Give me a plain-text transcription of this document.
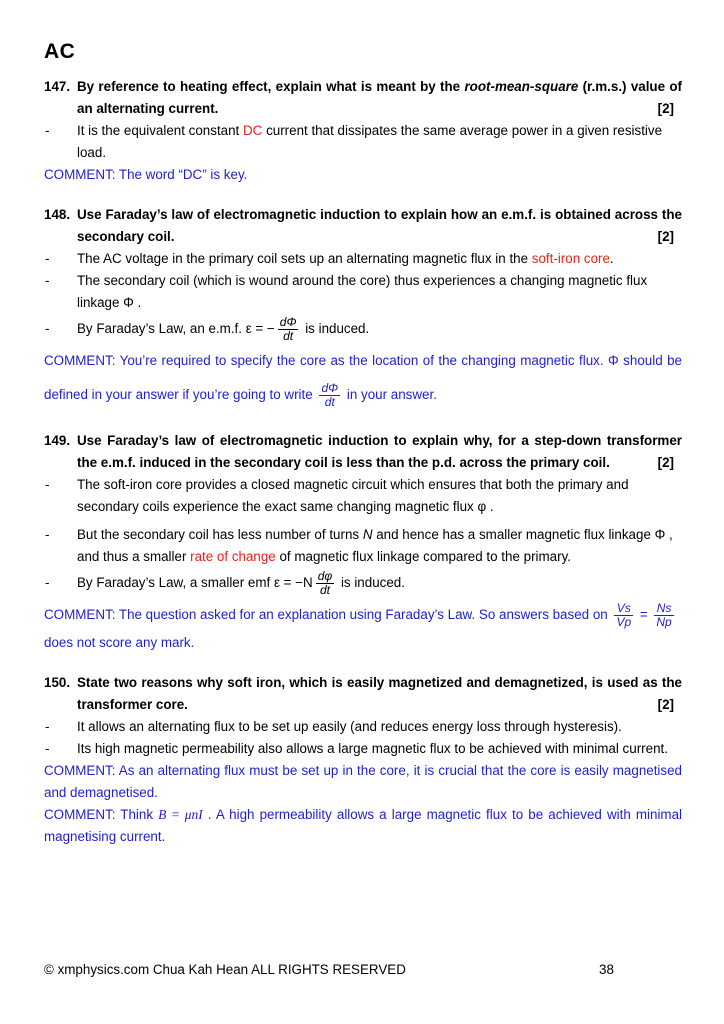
AC
147. By reference to heating effect, explain what is meant by the root-mean-square (r.m.s.) value of an alternating current.	[2]
- It is the equivalent constant DC current that dissipates the same average power in a given resistive load.
COMMENT: The word “DC” is key.
148. Use Faraday’s law of electromagnetic induction to explain how an e.m.f. is obtained across the secondary coil.	[2]
- The AC voltage in the primary coil sets up an alternating magnetic flux in the soft-iron core.
- The secondary coil (which is wound around the core) thus experiences a changing magnetic flux linkage Φ .
- By Faraday’s Law, an e.m.f. ε = − $\frac{d\Phi}{dt}$ is induced.
COMMENT: You’re required to specify the core as the location of the changing magnetic flux. Φ should be defined in your answer if you’re going to write $\frac{d\Phi}{dt}$ in your answer.
149. Use Faraday’s law of electromagnetic induction to explain why, for a step-down transformer the e.m.f. induced in the secondary coil is less than the p.d. across the primary coil.	[2]
- The soft-iron core provides a closed magnetic circuit which ensures that both the primary and secondary coils experience the exact same changing magnetic flux φ .
- But the secondary coil has less number of turns N and hence has a smaller magnetic flux linkage Φ , and thus a smaller rate of change of magnetic flux linkage compared to the primary.
- By Faraday’s Law, a smaller emf $\varepsilon = -N \frac{d\varphi}{dt}$ is induced.
COMMENT: The question asked for an explanation using Faraday’s Law. So answers based on $\frac{Vs}{Vp} = \frac{Ns}{Np}$
does not score any mark.
150. State two reasons why soft iron, which is easily magnetized and demagnetized, is used as the transformer core.	[2]
- It allows an alternating flux to be set up easily (and reduces energy loss through hysteresis).
- Its high magnetic permeability also allows a large magnetic flux to be achieved with minimal current.
COMMENT: As an alternating flux must be set up in the core, it is crucial that the core is easily magnetised and demagnetised.
COMMENT: Think B = μnI . A high permeability allows a large magnetic flux to be achieved with minimal magnetising current.
© xmphysics.com Chua Kah Hean ALL RIGHTS RESERVED	38
